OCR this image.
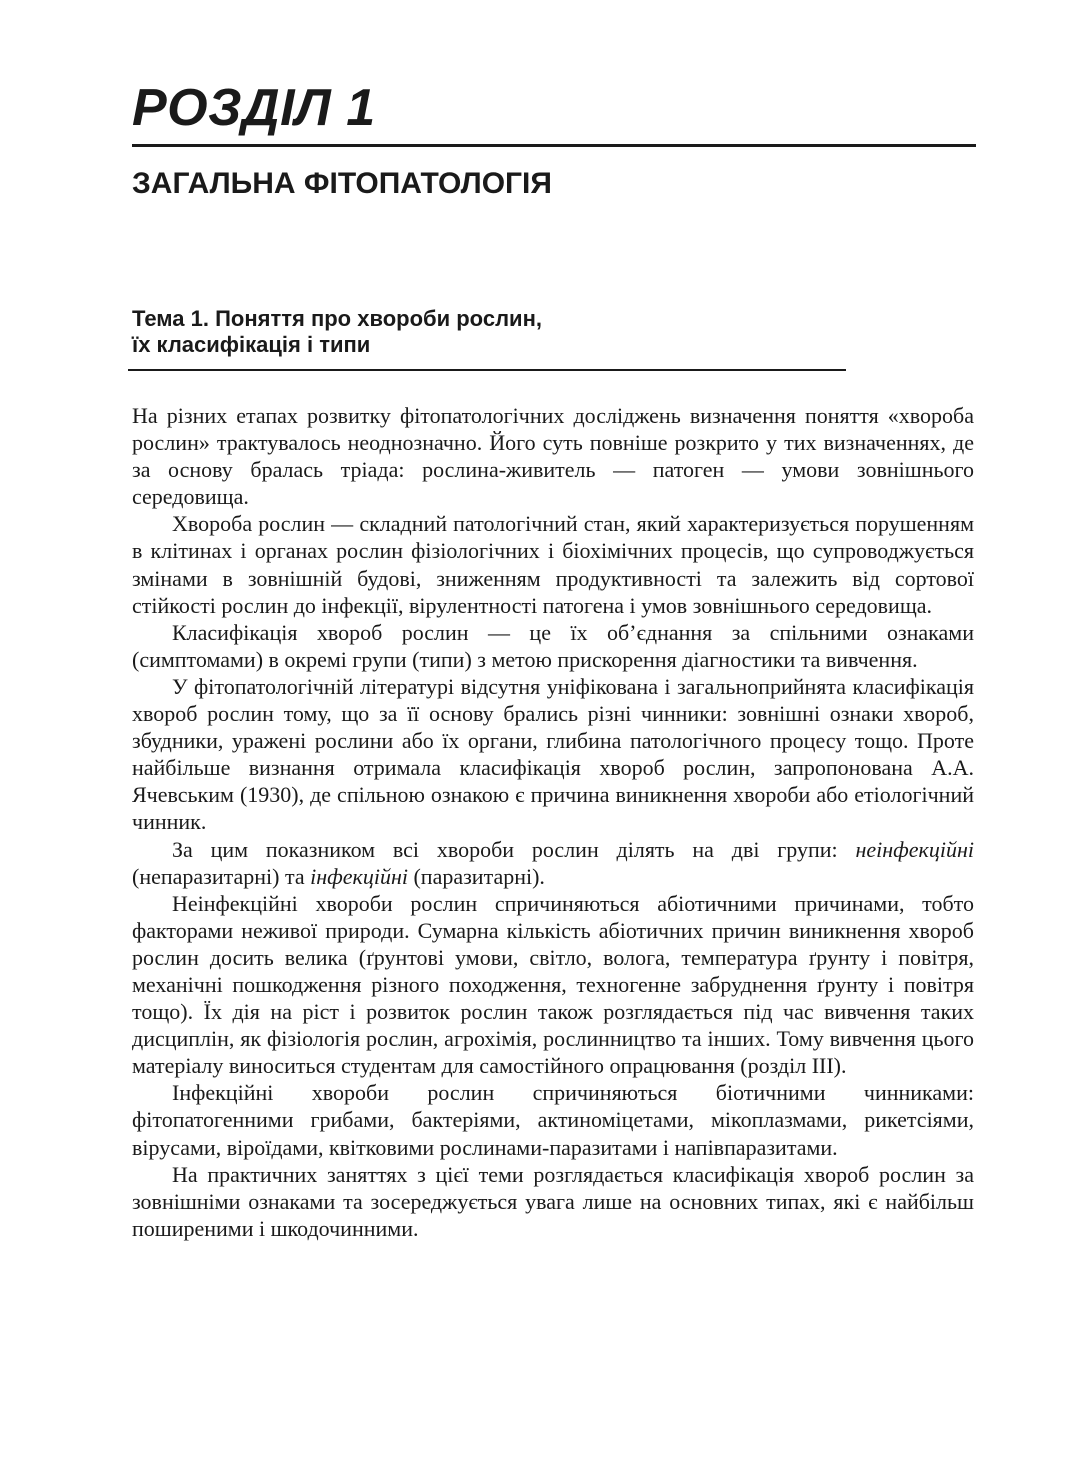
РОЗДІЛ 1
ЗАГАЛЬНА ФІТОПАТОЛОГІЯ
Тема 1. Поняття про хвороби рослин,
їх класифікація і типи

На різних етапах розвитку фітопатологічних досліджень визначення поняття «хвороба рослин» трактувалось неоднозначно. Його суть повніше розкрито у тих визначеннях, де за основу бралась тріада: рослина-живитель — патоген — умови зовнішнього середовища.

Хвороба рослин — складний патологічний стан, який характеризується порушенням в клітинах і органах рослин фізіологічних і біохімічних процесів, що супроводжується змінами в зовнішній будові, зниженням продуктивності та залежить від сортової стійкості рослин до інфекції, вірулентності патогена і умов зовнішнього середовища.

Класифікація хвороб рослин — це їх об’єднання за спільними ознаками (симптомами) в окремі групи (типи) з метою прискорення діагностики та вивчення.

У фітопатологічній літературі відсутня уніфікована і загальноприйнята класифікація хвороб рослин тому, що за її основу брались різні чинники: зовнішні ознаки хвороб, збудники, уражені рослини або їх органи, глибина патологічного процесу тощо. Проте найбільше визнання отримала класифікація хвороб рослин, запропонована А.А. Ячевським (1930), де спільною ознакою є причина виникнення хвороби або етіологічний чинник.

За цим показником всі хвороби рослин ділять на дві групи: неінфекційні (непаразитарні) та інфекційні (паразитарні).

Неінфекційні хвороби рослин спричиняються абіотичними причинами, тобто факторами неживої природи. Сумарна кількість абіотичних причин виникнення хвороб рослин досить велика (ґрунтові умови, світло, волога, температура ґрунту і повітря, механічні пошкодження різного походження, техногенне забруднення ґрунту і повітря тощо). Їх дія на ріст і розвиток рослин також розглядається під час вивчення таких дисциплін, як фізіологія рослин, агрохімія, рослинництво та інших. Тому вивчення цього матеріалу виноситься студентам для самостійного опрацювання (розділ III).

Інфекційні хвороби рослин спричиняються біотичними чинниками: фітопатогенними грибами, бактеріями, актиноміцетами, мікоплазмами, рикетсіями, вірусами, віроїдами, квітковими рослинами-паразитами і напівпаразитами.

На практичних заняттях з цієї теми розглядається класифікація хвороб рослин за зовнішніми ознаками та зосереджується увага лише на основних типах, які є найбільш поширеними і шкодочинними.
